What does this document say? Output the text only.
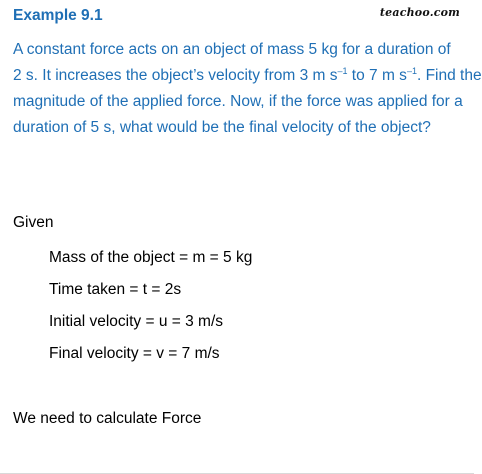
teachoo.com
Example 9.1
A constant force acts on an object of mass 5 kg for a duration of
2 s. It increases the object’s velocity from 3 m $s^{-1}$ to 7 m $s^{-1}$. Find the
magnitude of the applied force. Now, if the force was applied for a
duration of 5 s, what would be the final velocity of the object?
Given
Mass of the object = m = 5 kg
Time taken = t = 2s
Initial velocity = u = 3 m/s
Final velocity = v = 7 m/s
We need to calculate Force
